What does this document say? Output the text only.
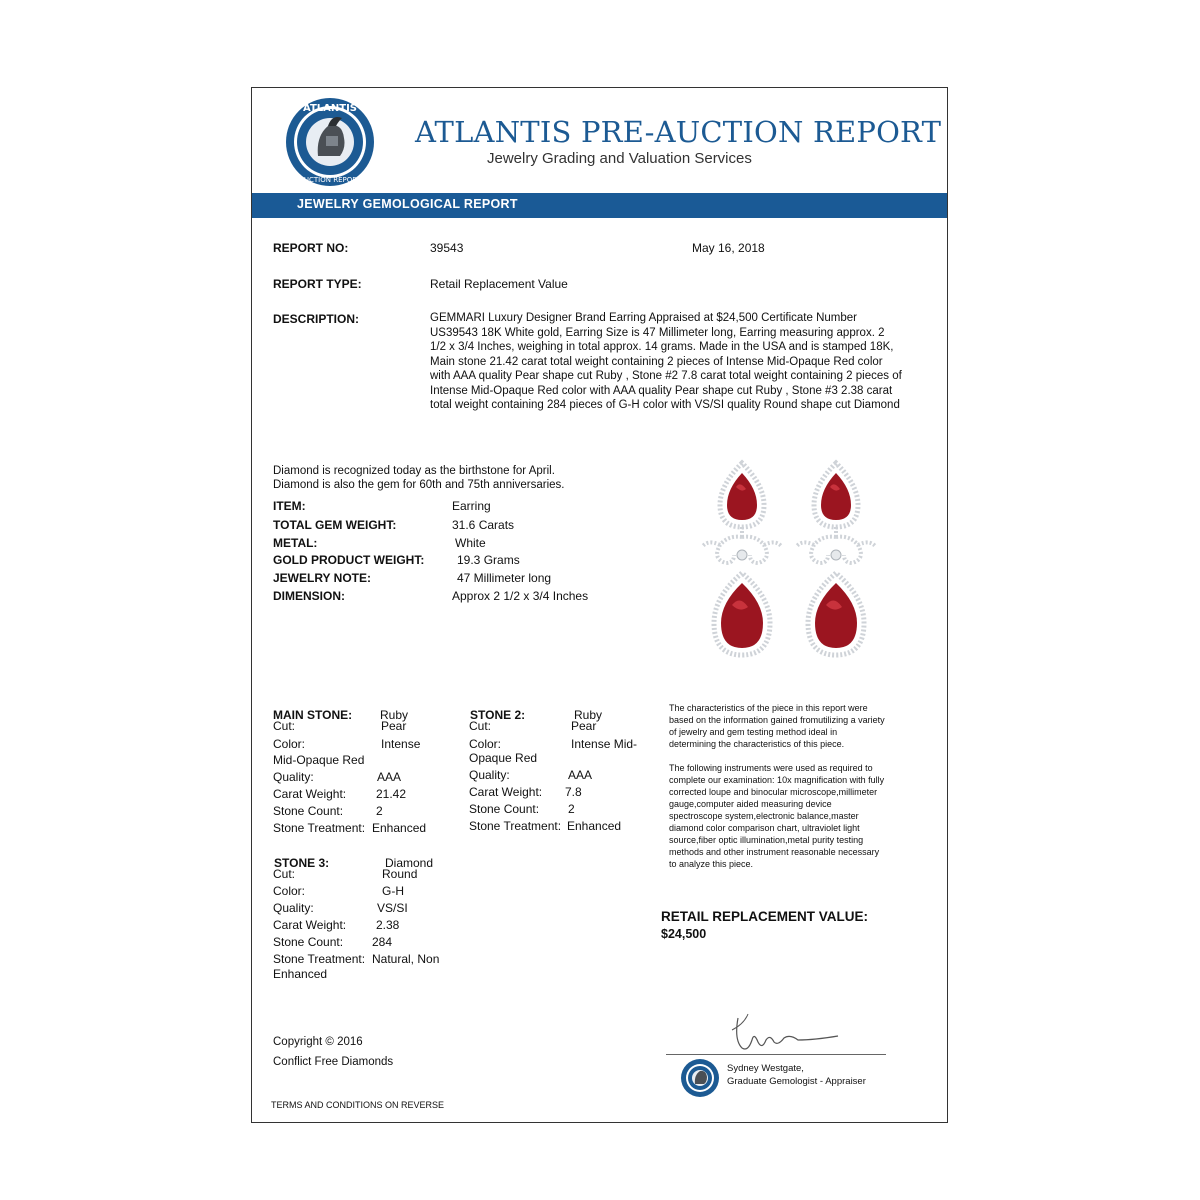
ATLANTIS
AUCTION REPORT
ATLANTIS PRE-AUCTION REPORT
Jewelry Grading and Valuation Services
JEWELRY GEMOLOGICAL REPORT
REPORT NO:	39543	May 16, 2018
REPORT TYPE:	Retail Replacement Value
DESCRIPTION:	GEMMARI Luxury Designer Brand Earring Appraised at $24,500 Certificate Number US39543 18K White gold, Earring Size is 47 Millimeter long, Earring measuring approx. 2 1/2 x 3/4 Inches, weighing in total approx. 14 grams. Made in the USA and is stamped 18K, Main stone 21.42 carat total weight containing 2 pieces of Intense Mid-Opaque Red color with AAA quality Pear shape cut Ruby , Stone #2 7.8 carat total weight containing 2 pieces of Intense Mid-Opaque Red color with AAA quality Pear shape cut Ruby , Stone #3 2.38 carat total weight containing 284 pieces of G-H color with VS/SI quality Round shape cut Diamond
Diamond is recognized today as the birthstone for April.
Diamond is also the gem for 60th and 75th anniversaries.
ITEM:	Earring
TOTAL GEM WEIGHT:	31.6 Carats
METAL:	White
GOLD PRODUCT WEIGHT:	19.3 Grams
JEWELRY NOTE:	47 Millimeter long
DIMENSION:	Approx 2 1/2 x 3/4 Inches
MAIN STONE: Ruby
Cut:	Pear
Color:	Intense
Mid-Opaque Red
Quality:	AAA
Carat Weight: 21.42
Stone Count:	2
Stone Treatment: Enhanced
STONE 2:	Ruby
Cut:	Pear
Color:	Intense Mid-
Opaque Red
Quality:	AAA
Carat Weight: 7.8
Stone Count: 2
Stone Treatment: Enhanced
STONE 3:	Diamond
Cut:	Round
Color:	G-H
Quality:	VS/SI
Carat Weight: 2.38
Stone Count: 284
Stone Treatment: Natural, Non
Enhanced
The characteristics of the piece in this report were
based on the information gained fromutilizing a variety
of jewelry and gem testing method ideal in
determining the characteristics of this piece.
The following instruments were used as required to
complete our examination: 10x magnification with fully
corrected loupe and binocular microscope,millimeter
gauge,computer aided measuring device
spectroscope system,electronic balance,master
diamond color comparison chart, ultraviolet light
source,fiber optic illumination,metal purity testing
methods and other instrument reasonable necessary
to analyze this piece.
RETAIL REPLACEMENT VALUE:
$24,500
Copyright © 2016
Conflict Free Diamonds
TERMS AND CONDITIONS ON REVERSE
Sydney Westgate,
Graduate Gemologist - Appraiser
